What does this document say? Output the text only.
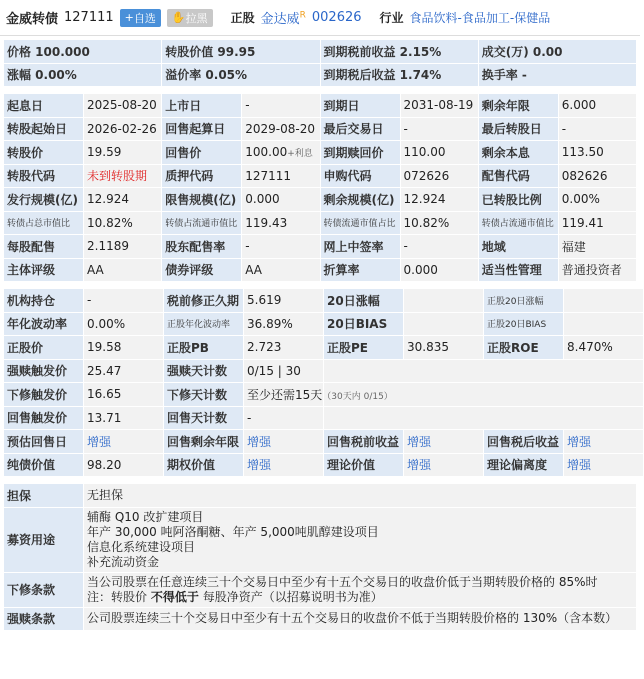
金威转债 127111 + 自选 ✋ 拉黑 正股 金达威$^R$ 002626 行业 食品饮料-食品加工-保健品
价格 100.000	转股价值 99.95	到期税前收益 2.15%	成交(万) 0.00
涨幅 0.00%	溢价率 0.05%	到期税后收益 1.74%	换手率 -
起息日	2025-08-20	上市日	-	到期日	2031-08-19	剩余年限	6.000
转股起始日	2026-02-26	回售起算日	2029-08-20	最后交易日	-	最后转股日	-
转股价	19.59	回售价	100.00+利息	到期赎回价	110.00	剩余本息	113.50
转股代码	未到转股期	质押代码	127111	申购代码	072626	配售代码	082626
发行规模(亿)	12.924	限售规模(亿)	0.000	剩余规模(亿)	12.924	已转股比例	0.00%
转债占总市值比	10.82%	转债占流通市值比	119.43	转债流通市值占比	10.82%	转债占流通市值比	119.41
每股配售	2.1189	股东配售率	-	网上中签率	-	地域	福建
主体评级	AA	债券评级	AA	折算率	0.000	适当性管理	普通投资者
机构持仓	-	税前修正久期	5.619	20日涨幅		正股20日涨幅	
年化波动率	0.00%	正股年化波动率	36.89%	20日BIAS		正股20日BIAS	
正股价	19.58	正股PB	2.723	正股PE	30.835	正股ROE	8.470%
强赎触发价	25.47	强赎天计数	0/15 | 30				
下修触发价	16.65	下修天计数	至少还需15天（30天内 0/15）				
回售触发价	13.71	回售天计数	-				
预估回售日	增强	回售剩余年限	增强	回售税前收益	增强	回售税后收益	增强
纯债价值	98.20	期权价值	增强	理论价值	增强	理论偏离度	增强
担保	无担保
募资用途	辅酶 Q10 改扩建项目
年产 30,000 吨阿洛酮糖、年产 5,000吨肌醇建设项目
信息化系统建设项目
补充流动资金

下修条款	当公司股票在任意连续三十个交易日中至少有十五个交易日的收盘价低于当期转股价格的 85%时
注：转股价 不得低于 每股净资产（以招募说明书为准）

强赎条款	公司股票连续三十个交易日中至少有十五个交易日的收盘价不低于当期转股价格的 130%（含本数）
